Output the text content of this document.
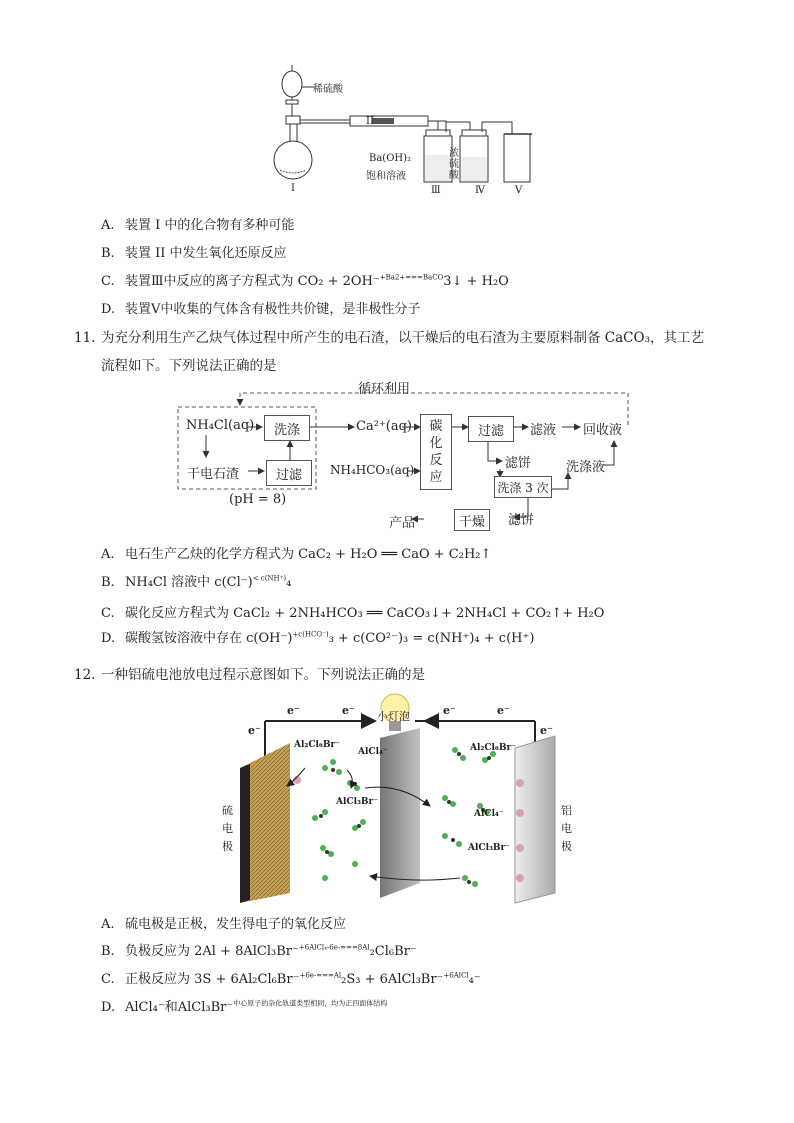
稀硫酸
II
I
Ba(OH)₂
饱和溶液
浓
硫
酸
Ⅲ	Ⅳ	Ⅴ
A. 装置 I 中的化合物有多种可能
B. 装置 II 中发生氧化还原反应
C. 装置Ⅲ中反应的离子方程式为 CO₂ + 2OH⁻$^{+Ba2+===BaCO}$3↓ + H₂O
D. 装置Ⅴ中收集的气体含有极性共价键，是非极性分子
11. 为充分利用生产乙炔气体过程中所产生的电石渣，以干燥后的电石渣为主要原料制备 CaCO₃，其工艺
流程如下。下列说法正确的是
循环利用
NH₄Cl(aq)	洗涤
干电石渣	过滤
(pH = 8)
Ca²⁺(aq)
NH₄HCO₃(aq)
碳
化
反
应
过滤	滤液 回收液
滤饼	洗涤液
洗涤 3 次
滤饼
干燥
产品
A. 电石生产乙炔的化学方程式为 CaC₂ + H₂O ══ CaO + C₂H₂↑
B. NH₄Cl 溶液中 $c(Cl^-)^{< c(NH^+)}_4$
C. 碳化反应方程式为 CaCl₂ + 2NH₄HCO₃ ══ CaCO₃↓+ 2NH₄Cl + CO₂↑+ H₂O
D. 碳酸氢铵溶液中存在 $c(OH^-)^{+c(HCO^-)}_3 + c(CO^{2-})_3 = c(NH^+)_4 + c(H^+)$
12. 一种铝硫电池放电过程示意图如下。下列说法正确的是
e⁻	e⁻	e⁻	e⁻
e⁻	e⁻
小灯泡
硫
电
极
铝
电
极
Al₂Cl₆Br⁻
AlCl₄⁻
AlCl₃Br⁻
Al₂Cl₆Br⁻
AlCl₄⁻
AlCl₃Br⁻
A. 硫电极是正极，发生得电子的氧化反应
B. 负极反应为 2Al + 8AlCl₃Br⁻$^{+6AlCl_4-6e-===8Al}$₂Cl₆Br⁻
C. 正极反应为 3S + 6Al₂Cl₆Br⁻$^{+6e-===Al}$₂S₃ + 6AlCl₃Br⁻$^{+6AlCl}$₄⁻
D. AlCl₄⁻和AlCl₃Br⁻$^{中心原子的杂化轨道类型相同,均为正四面体结构}$
